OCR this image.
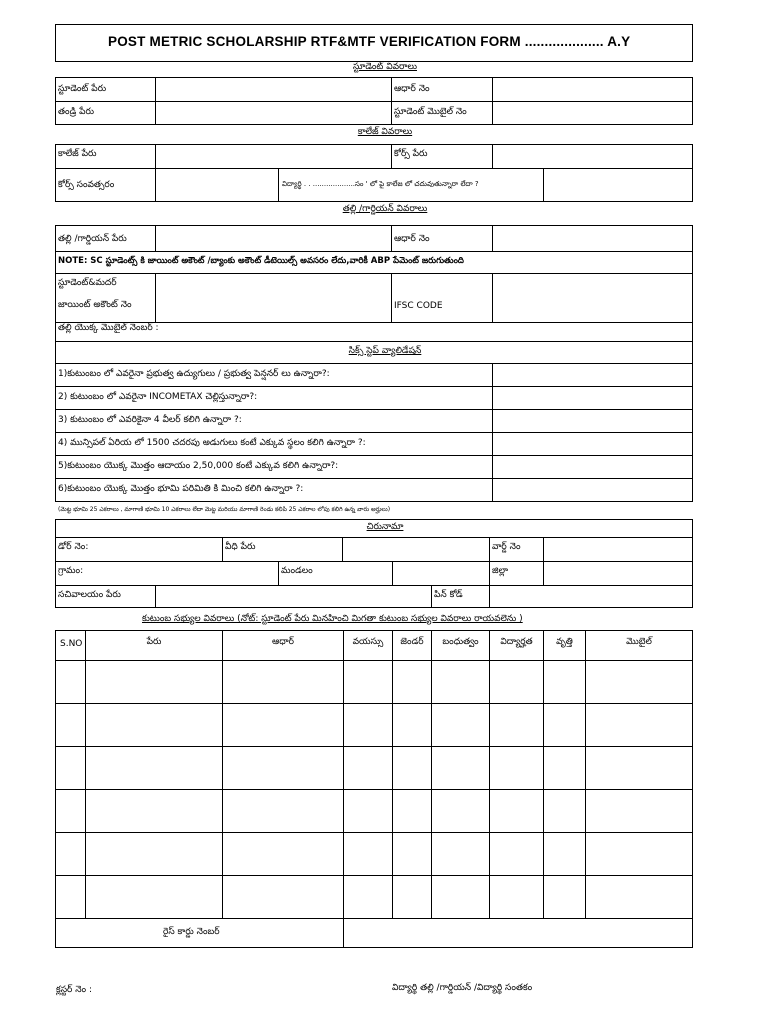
POST METRIC SCHOLARSHIP RTF&MTF VERIFICATION FORM .................... A.Y
స్టూడెంట్ వివరాలు
స్టూడెంట్ పేరు	ఆధార్ నెం
తండ్రి పేరు	స్టూడెంట్ మొబైల్ నెం
కాలేజ్ వివరాలు
కాలేజ్ పేరు	కోర్స్ పేరు
కోర్స్ సంవత్సరం	విద్యార్థి . . ...................సం ' లో పై కాలేజ లో చదువుతున్నారా లేదా ?
తల్లి /గార్డియన్ వివరాలు
తల్లి /గార్డియన్ పేరు	ఆధార్ నెం
NOTE: SC స్టూడెంట్స్ కి జాయింట్ అకౌంట్ /బ్యాంకు అకౌంట్ డీటెయిల్స్ అవసరం లేదు,వారికీ ABP పేమెంట్ జరుగుతుంది
స్టూడెంట్&మదర్
జాయింట్ అకౌంట్ నెం	IFSC CODE
తల్లి యొక్క మొబైల్ నెంబర్ :
సిక్స్ స్టెప్ వ్యాలిడేషన్
1)కుటుంబం లో ఎవరైనా ప్రభుత్వ ఉద్యుగులు / ప్రభుత్వ పెన్షనర్ లు ఉన్నారా?:
2) కుటుంబం లో ఎవరైనా INCOMETAX చెల్లిస్తున్నారా?:
3) కుటుంబం లో ఎవరికైనా 4 వీలర్ కలిగి ఉన్నారా ?:
4) మున్సిపల్ ఏరియ లో 1500 చదరపు అడుగులు కంటే ఎక్కువ స్థలం కలిగి ఉన్నారా ?:
5)కుటుంబం యొక్క మొత్తం ఆదాయం 2,50,000 కంటే ఎక్కువ కలిగి ఉన్నారా?:
6)కుటుంబం యొక్క మొత్తం భూమి పరిమితి కి మించి కలిగి ఉన్నారా ?:
(మెట్ట భూమి 25 ఎకరాలు , మాగాణి భూమి 10 ఎకరాలు లేదా మెట్ట మరియు మాగాణి రెండు కలిపి 25 ఎకరాల లోపు కలిగి ఉన్న వారు అర్హులు)
చిరునామా
డోర్ నెం:	వీధి పేరు	వార్డ్ నెం
గ్రామం:	మండలం	జిల్లా
సచివాలయం పేరు	పిన్ కోడ్
కుటుంబ సభ్యుల వివరాలు (నోట్: స్టూడెంట్ పేరు మినహించి మిగతా కుటుంబ సభ్యుల వివరాలు రాయవలెను )
S.NO	పేరు	ఆధార్	వయస్సు	జెండర్	బంధుత్వం	విద్యార్హత	వృత్తి	మొబైల్
రైస్ కార్డు నెంబర్
క్లస్టర్ నెం :	విద్యార్థి తల్లి /గార్డియన్ /విద్యార్థి సంతకం
